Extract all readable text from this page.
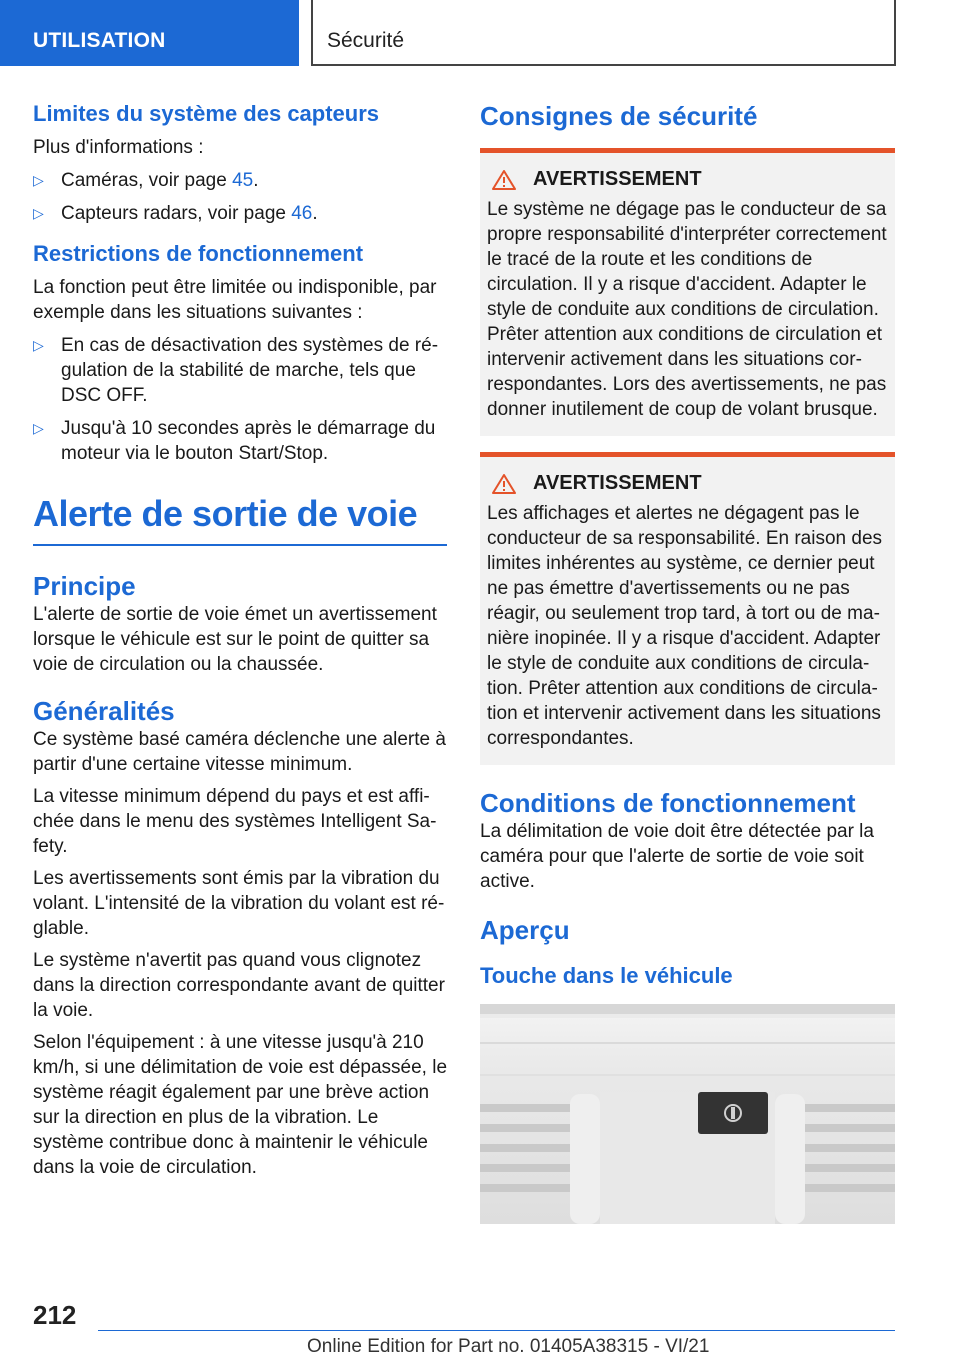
UTILISATION	Sécurité
Limites du système des capteurs

Plus d'informations :

▷ Caméras, voir page 45.
▷ Capteurs radars, voir page 46.
Restrictions de fonctionnement

La fonction peut être limitée ou indisponible, par exemple dans les situations suivantes :

▷ En cas de désactivation des systèmes de régulation de la stabilité de marche, tels que DSC OFF.
▷ Jusqu'à 10 secondes après le démarrage du moteur via le bouton Start/Stop.
Alerte de sortie de voie
Principe

L'alerte de sortie de voie émet un avertissement lorsque le véhicule est sur le point de quitter sa voie de circulation ou la chaussée.

Généralités

Ce système basé caméra déclenche une alerte à partir d'une certaine vitesse minimum.

La vitesse minimum dépend du pays et est affichée dans le menu des systèmes Intelligent Safety.

Les avertissements sont émis par la vibration du volant. L'intensité de la vibration du volant est réglable.

Le système n'avertit pas quand vous clignotez dans la direction correspondante avant de quitter la voie.

Selon l'équipement : à une vitesse jusqu'à 210 km/h, si une délimitation de voie est dépassée, le système réagit également par une brève action sur la direction en plus de la vibration. Le système contribue donc à maintenir le véhicule dans la voie de circulation.

Consignes de sécurité
AVERTISSEMENT

Le système ne dégage pas le conducteur de sa propre responsabilité d'interpréter correctement le tracé de la route et les conditions de circulation. Il y a risque d'accident. Adapter le style de conduite aux conditions de circulation. Prêter attention aux conditions de circulation et intervenir activement dans les situations correspondantes. Lors des avertissements, ne pas donner inutilement de coup de volant brusque.

AVERTISSEMENT

Les affichages et alertes ne dégagent pas le conducteur de sa responsabilité. En raison des limites inhérentes au système, ce dernier peut ne pas émettre d'avertissements ou ne pas réagir, ou seulement trop tard, à tort ou de manière inopinée. Il y a risque d'accident. Adapter le style de conduite aux conditions de circulation. Prêter attention aux conditions de circulation et intervenir activement dans les situations correspondantes.

Conditions de fonctionnement

La délimitation de voie doit être détectée par la caméra pour que l'alerte de sortie de voie soit active.

Aperçu
Touche dans le véhicule
212
Online Edition for Part no. 01405A38315 - VI/21
